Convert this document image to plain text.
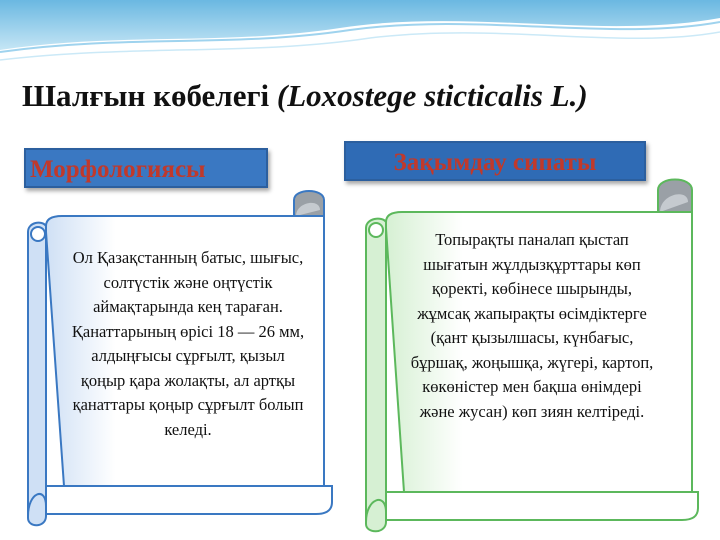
Шалғын көбелегі (Loxostege sticticalis L.)
Морфологиясы	Зақымдау сипаты
Ол Қазақстанның батыс, шығыс, солтүстік және оңтүстік аймақтарында кең тараған. Қанаттарының өрісі 18 — 26 мм, алдыңғысы сұрғылт, қызыл қоңыр қара жолақты, ал артқы қанаттары қоңыр сұрғылт болып келеді.
Топырақты паналап қыстап шығатын жұлдызқұрттары көп қоректі, көбінесе шырынды, жұмсақ жапырақты өсімдіктерге (қант қызылшасы, күнбағыс, бұршақ, жоңышқа, жүгері, картоп, көкөністер мен бақша өнімдері және жусан) көп зиян келтіреді.
